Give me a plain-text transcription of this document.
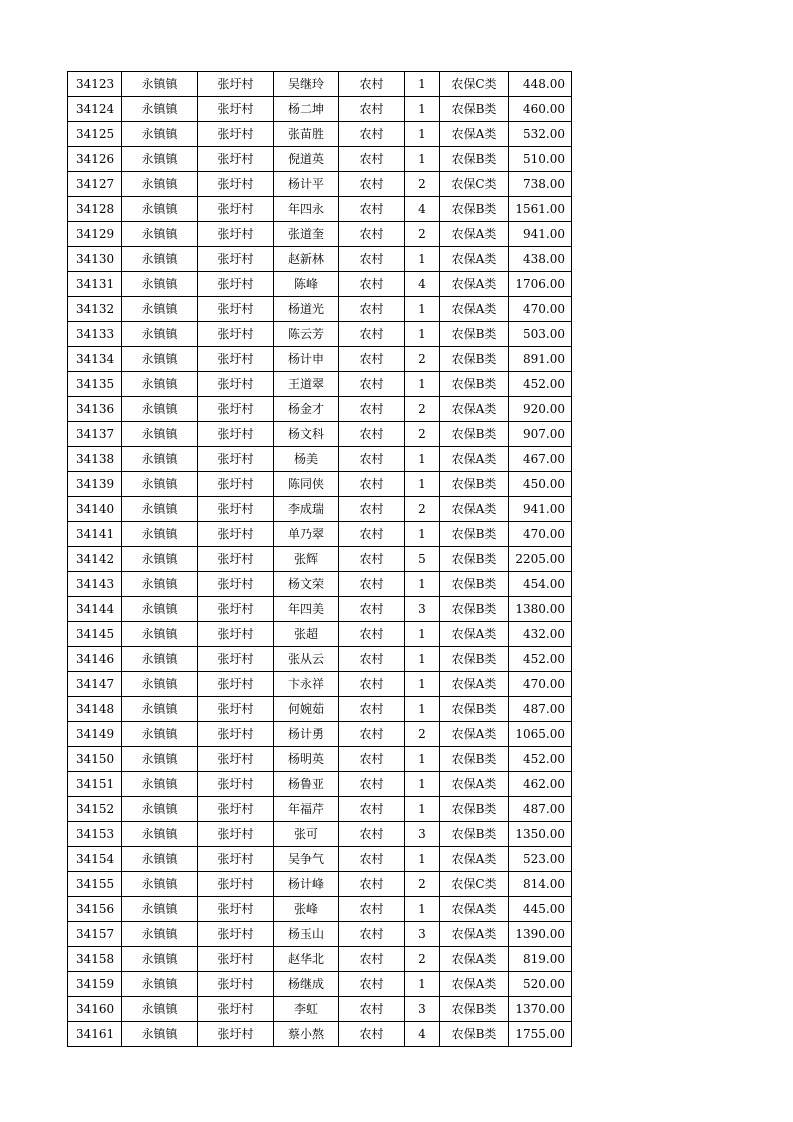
34123	永镇镇	张圩村	吴继玲	农村	1	农保C类	448.00
34124	永镇镇	张圩村	杨二坤	农村	1	农保B类	460.00
34125	永镇镇	张圩村	张苗胜	农村	1	农保A类	532.00
34126	永镇镇	张圩村	倪道英	农村	1	农保B类	510.00
34127	永镇镇	张圩村	杨计平	农村	2	农保C类	738.00
34128	永镇镇	张圩村	年四永	农村	4	农保B类	1561.00
34129	永镇镇	张圩村	张道奎	农村	2	农保A类	941.00
34130	永镇镇	张圩村	赵新林	农村	1	农保A类	438.00
34131	永镇镇	张圩村	陈峰	农村	4	农保A类	1706.00
34132	永镇镇	张圩村	杨道光	农村	1	农保A类	470.00
34133	永镇镇	张圩村	陈云芳	农村	1	农保B类	503.00
34134	永镇镇	张圩村	杨计申	农村	2	农保B类	891.00
34135	永镇镇	张圩村	王道翠	农村	1	农保B类	452.00
34136	永镇镇	张圩村	杨金才	农村	2	农保A类	920.00
34137	永镇镇	张圩村	杨文科	农村	2	农保B类	907.00
34138	永镇镇	张圩村	杨美	农村	1	农保A类	467.00
34139	永镇镇	张圩村	陈同侠	农村	1	农保B类	450.00
34140	永镇镇	张圩村	李成瑞	农村	2	农保A类	941.00
34141	永镇镇	张圩村	单乃翠	农村	1	农保B类	470.00
34142	永镇镇	张圩村	张辉	农村	5	农保B类	2205.00
34143	永镇镇	张圩村	杨文荣	农村	1	农保B类	454.00
34144	永镇镇	张圩村	年四美	农村	3	农保B类	1380.00
34145	永镇镇	张圩村	张超	农村	1	农保A类	432.00
34146	永镇镇	张圩村	张从云	农村	1	农保B类	452.00
34147	永镇镇	张圩村	卞永祥	农村	1	农保A类	470.00
34148	永镇镇	张圩村	何婉茹	农村	1	农保B类	487.00
34149	永镇镇	张圩村	杨计勇	农村	2	农保A类	1065.00
34150	永镇镇	张圩村	杨明英	农村	1	农保B类	452.00
34151	永镇镇	张圩村	杨鲁亚	农村	1	农保A类	462.00
34152	永镇镇	张圩村	年福芹	农村	1	农保B类	487.00
34153	永镇镇	张圩村	张可	农村	3	农保B类	1350.00
34154	永镇镇	张圩村	吴争气	农村	1	农保A类	523.00
34155	永镇镇	张圩村	杨计峰	农村	2	农保C类	814.00
34156	永镇镇	张圩村	张峰	农村	1	农保A类	445.00
34157	永镇镇	张圩村	杨玉山	农村	3	农保A类	1390.00
34158	永镇镇	张圩村	赵华北	农村	2	农保A类	819.00
34159	永镇镇	张圩村	杨继成	农村	1	农保A类	520.00
34160	永镇镇	张圩村	李虹	农村	3	农保B类	1370.00
34161	永镇镇	张圩村	蔡小熬	农村	4	农保B类	1755.00
